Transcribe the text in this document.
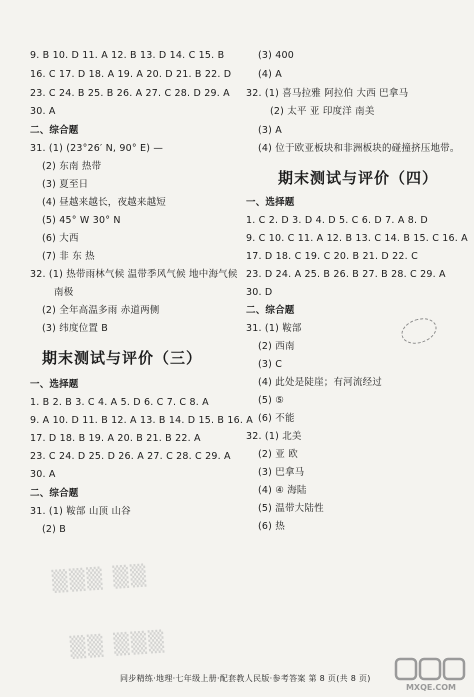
9. B 10. D 11. A 12. B 13. D 14. C 15. B
16. C 17. D 18. A 19. A 20. D 21. B 22. D
23. C 24. B 25. B 26. A 27. C 28. D 29. A
30. A
二、综合题
31. (1) (23°26′ N, 90° E) —
(2) 东南 热带
(3) 夏至日
(4) 昼越来越长，夜越来越短
(5) 45° W 30° N
(6) 大西
(7) 非 东 热
32. (1) 热带雨林气候 温带季风气候 地中海气候
南极
(2) 全年高温多雨 赤道两侧
(3) 纬度位置 B
期末测试与评价（三）
一、选择题
1. B 2. B 3. C 4. A 5. D 6. C 7. C 8. A
9. A 10. D 11. B 12. A 13. B 14. D 15. B 16. A
17. D 18. B 19. A 20. B 21. B 22. A
23. C 24. D 25. D 26. A 27. C 28. C 29. A
30. A
二、综合题
31. (1) 鞍部 山顶 山谷
(2) B
(3) 400
(4) A
32. (1) 喜马拉雅 阿拉伯 大西 巴拿马
(2) 太平 亚 印度洋 南美
(3) A
(4) 位于欧亚板块和非洲板块的碰撞挤压地带。
期末测试与评价（四）
一、选择题
1. C 2. D 3. D 4. D 5. C 6. D 7. A 8. D
9. C 10. C 11. A 12. B 13. C 14. B 15. C 16. A
17. D 18. C 19. C 20. B 21. D 22. C
23. D 24. A 25. B 26. B 27. B 28. C 29. A
30. D
二、综合题
31. (1) 鞍部
(2) 西南
(3) C
(4) 此处是陡崖；有河流经过
(5) ⑤
(6) 不能
32. (1) 北美
(2) 亚 欧
(3) 巴拿马
(4) ④ 海陆
(5) 温带大陆性
(6) 热
▒▒▒ ▒▒
▒▒ ▒▒▒
同步精练·地理·七年级上册·配套教人民版·参考答案 第 8 页(共 8 页)
MXQE.COM
